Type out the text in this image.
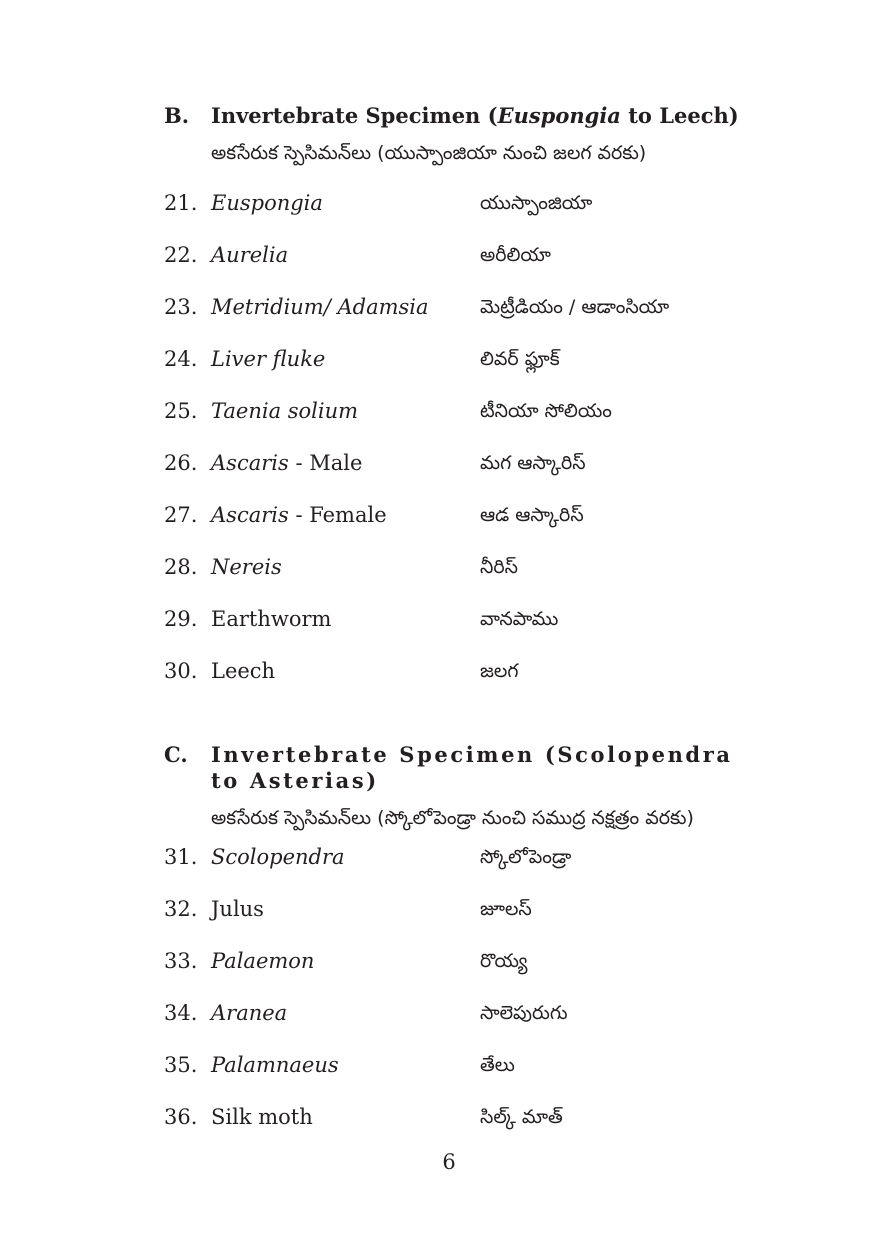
B. Invertebrate Specimen (Euspongia to Leech)
అకసేరుక స్పెసిమన్‌లు (యుస్పాంజియా నుంచి జలగ వరకు)
21. Euspongia	యుస్పాంజియా
22. Aurelia	అరీలియా
23. Metridium/ Adamsia	మెట్రీడియం / ఆడాంసియా
24. Liver fluke	లివర్ ఫ్లూక్
25. Taenia solium	టీనియా సోలియం
26. Ascaris - Male	మగ ఆస్కారిస్
27. Ascaris - Female	ఆడ ఆస్కారిస్
28. Nereis	నీరిస్
29. Earthworm	వానపాము
30. Leech	జలగ
C. Invertebrate Specimen (Scolopendra to Asterias)
అకసేరుక స్పెసిమన్‌లు (స్కోలోపెండ్రా నుంచి సముద్ర నక్షత్రం వరకు)
31. Scolopendra	స్కోలోపెండ్రా
32. Julus	జూలస్
33. Palaemon	రొయ్య
34. Aranea	సాలెపురుగు
35. Palamnaeus	తేలు
36. Silk moth	సిల్క్ మాత్
6
